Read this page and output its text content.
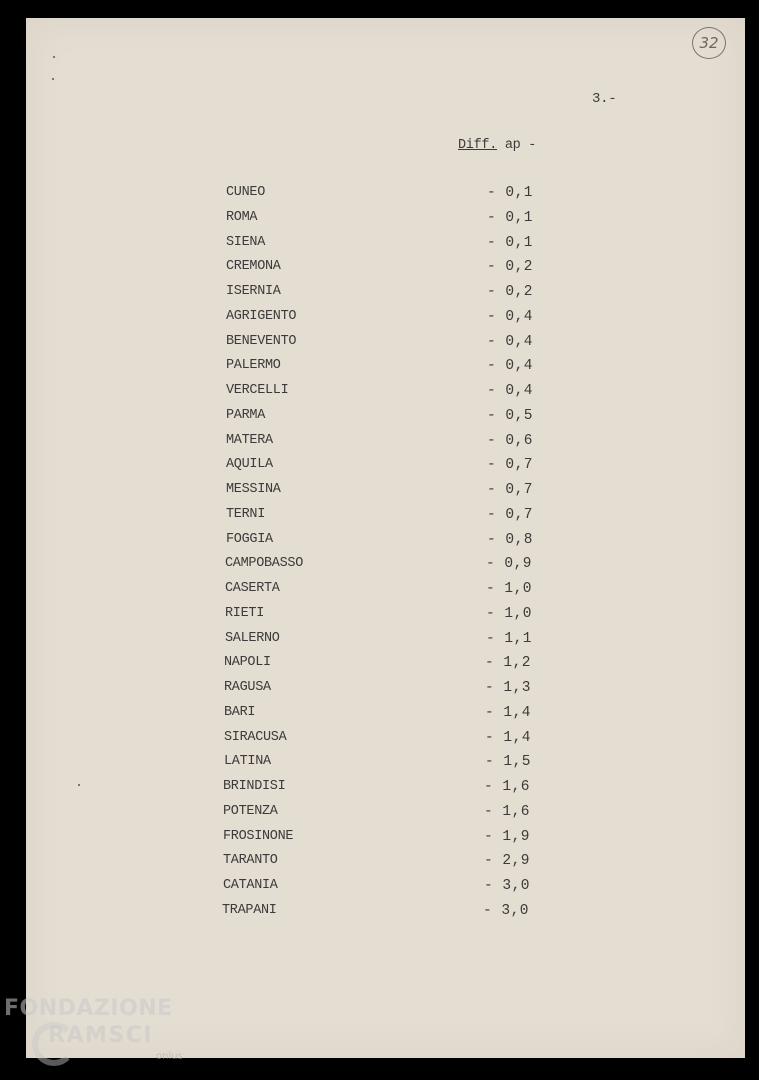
32
3.-
Diff. ap -
CUNEO	- 0,1
ROMA	- 0,1
SIENA	- 0,1
CREMONA	- 0,2
ISERNIA	- 0,2
AGRIGENTO	- 0,4
BENEVENTO	- 0,4
PALERMO	- 0,4
VERCELLI	- 0,4
PARMA	- 0,5
MATERA	- 0,6
AQUILA	- 0,7
MESSINA	- 0,7
TERNI	- 0,7
FOGGIA	- 0,8
CAMPOBASSO	- 0,9
CASERTA	- 1,0
RIETI	- 1,0
SALERNO	- 1,1
NAPOLI	- 1,2
RAGUSA	- 1,3
BARI	- 1,4
SIRACUSA	- 1,4
LATINA	- 1,5
BRINDISI	- 1,6
POTENZA	- 1,6
FROSINONE	- 1,9
TARANTO	- 2,9
CATANIA	- 3,0
TRAPANI	- 3,0
FONDAZIONE
RAMSCI
onlus
